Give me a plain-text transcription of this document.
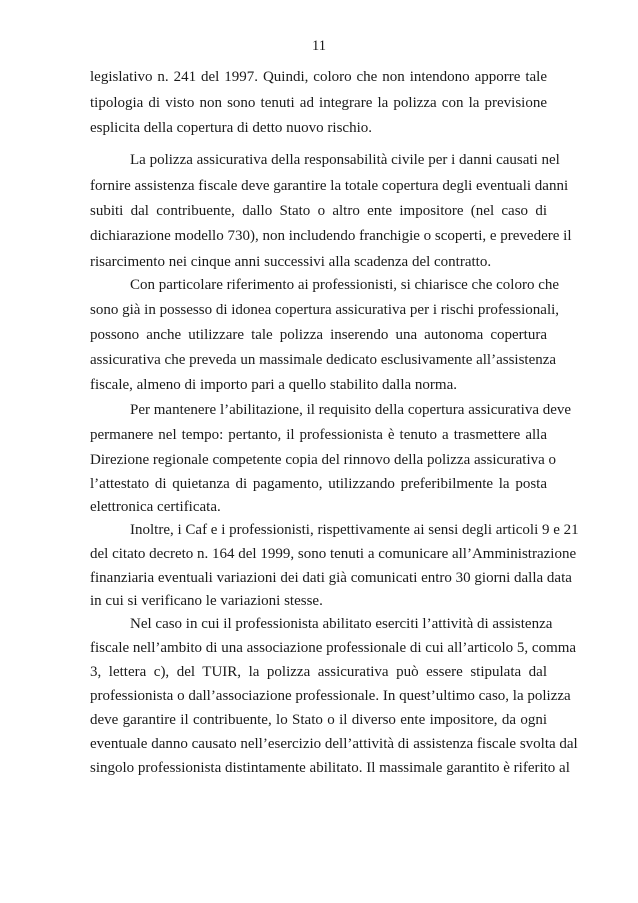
11
legislativo n. 241 del 1997. Quindi, coloro che non intendono apporre tale
tipologia di visto non sono tenuti ad integrare la polizza con la previsione
esplicita della copertura di detto nuovo rischio.
La polizza assicurativa della responsabilità civile per i danni causati nel
fornire assistenza fiscale deve garantire la totale copertura degli eventuali danni
subiti dal contribuente, dallo Stato o altro ente impositore (nel caso di
dichiarazione modello 730), non includendo franchigie o scoperti, e prevedere il
risarcimento nei cinque anni successivi alla scadenza del contratto.
Con particolare riferimento ai professionisti, si chiarisce che coloro che
sono già in possesso di idonea copertura assicurativa per i rischi professionali,
possono anche utilizzare tale polizza inserendo una autonoma copertura
assicurativa che preveda un massimale dedicato esclusivamente all’assistenza
fiscale, almeno di importo pari a quello stabilito dalla norma.
Per mantenere l’abilitazione, il requisito della copertura assicurativa deve
permanere nel tempo: pertanto, il professionista è tenuto a trasmettere alla
Direzione regionale competente copia del rinnovo della polizza assicurativa o
l’attestato di quietanza di pagamento, utilizzando preferibilmente la posta
elettronica certificata.
Inoltre, i Caf e i professionisti, rispettivamente ai sensi degli articoli 9 e 21
del citato decreto n. 164 del 1999, sono tenuti a comunicare all’Amministrazione
finanziaria eventuali variazioni dei dati già comunicati entro 30 giorni dalla data
in cui si verificano le variazioni stesse.
Nel caso in cui il professionista abilitato eserciti l’attività di assistenza
fiscale nell’ambito di una associazione professionale di cui all’articolo 5, comma
3, lettera c), del TUIR, la polizza assicurativa può essere stipulata dal
professionista o dall’associazione professionale. In quest’ultimo caso, la polizza
deve garantire il contribuente, lo Stato o il diverso ente impositore, da ogni
eventuale danno causato nell’esercizio dell’attività di assistenza fiscale svolta dal
singolo professionista distintamente abilitato. Il massimale garantito è riferito al
